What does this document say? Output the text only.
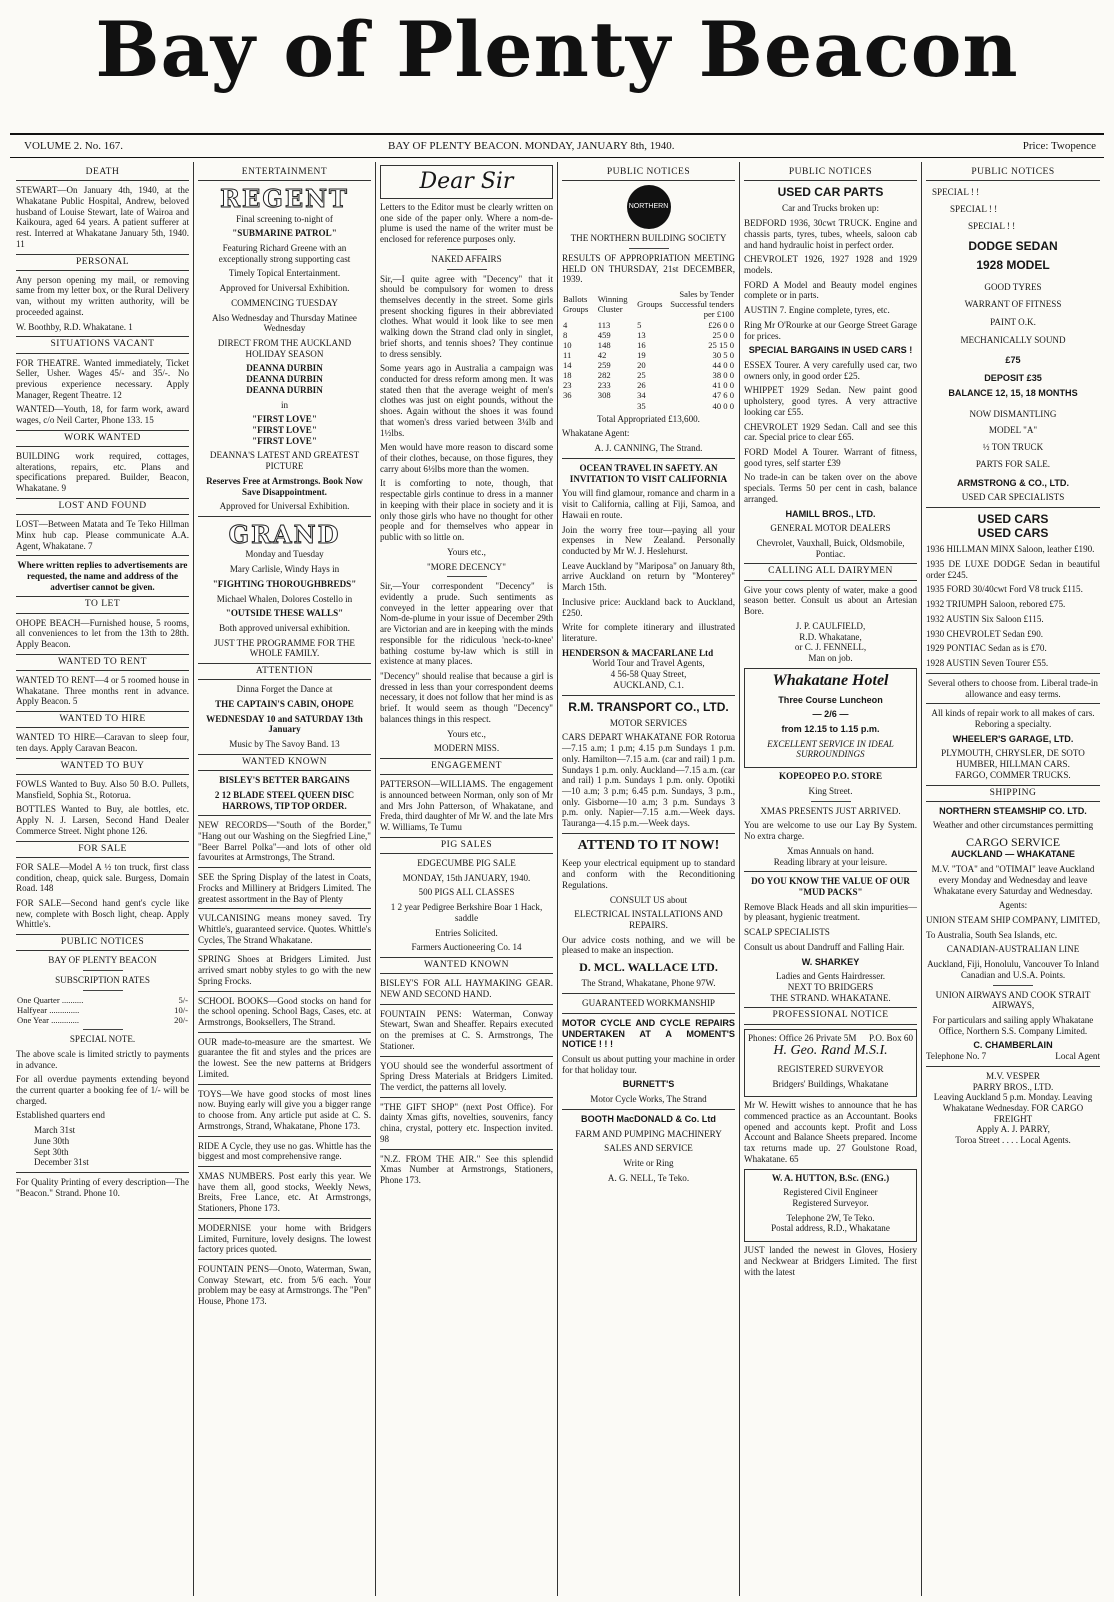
Bay of Plenty Beacon
VOLUME 2. No. 167.	BAY OF PLENTY BEACON. MONDAY, JANUARY 8th, 1940.	Price: Twopence
DEATH

STEWART—On January 4th, 1940, at the Whakatane Public Hospital, Andrew, beloved husband of Louise Stewart, late of Wairoa and Kaikoura, aged 64 years. A patient sufferer at rest. Interred at Whakatane January 5th, 1940. 11

PERSONAL

Any person opening my mail, or removing same from my letter box, or the Rural Delivery van, without my written authority, will be proceeded against.

W. Boothby, R.D. Whakatane. 1

SITUATIONS VACANT

FOR THEATRE. Wanted immediately, Ticket Seller, Usher. Wages 45/- and 35/-. No previous experience necessary. Apply Manager, Regent Theatre. 12

WANTED—Youth, 18, for farm work, award wages, c/o Neil Carter, Phone 133. 15

WORK WANTED

BUILDING work required, cottages, alterations, repairs, etc. Plans and specifications prepared. Builder, Beacon, Whakatane. 9

LOST AND FOUND

LOST—Between Matata and Te Teko Hillman Minx hub cap. Please communicate A.A. Agent, Whakatane. 7

Where written replies to advertisements are requested, the name and address of the advertiser cannot be given.

TO LET

OHOPE BEACH—Furnished house, 5 rooms, all conveniences to let from the 13th to 28th. Apply Beacon.

WANTED TO RENT

WANTED TO RENT—4 or 5 roomed house in Whakatane. Three months rent in advance. Apply Beacon. 5

WANTED TO HIRE

WANTED TO HIRE—Caravan to sleep four, ten days. Apply Caravan Beacon.

WANTED TO BUY

FOWLS Wanted to Buy. Also 50 B.O. Pullets, Mansfield, Sophia St., Rotorua.

BOTTLES Wanted to Buy, ale bottles, etc. Apply N. J. Larsen, Second Hand Dealer Commerce Street. Night phone 126.

FOR SALE

FOR SALE—Model A ½ ton truck, first class condition, cheap, quick sale. Burgess, Domain Road. 148

FOR SALE—Second hand gent's cycle like new, complete with Bosch light, cheap. Apply Whittle's.

PUBLIC NOTICES

BAY OF PLENTY BEACON

SUBSCRIPTION RATES

One Quarter ..........	5/-
Halfyear ..............	10/-
One Year .............	20/-

SPECIAL NOTE.

The above scale is limited strictly to payments in advance.

For all overdue payments extending beyond the current quarter a booking fee of 1/- will be charged.

Established quarters end

March 31st

June 30th

Sept 30th

December 31st

For Quality Printing of every description—The "Beacon." Strand. Phone 10.

ENTERTAINMENT
REGENT

Final screening to-night of

"SUBMARINE PATROL"

Featuring Richard Greene with an exceptionally strong supporting cast

Timely Topical Entertainment.

Approved for Universal Exhibition.

COMMENCING TUESDAY

Also Wednesday and Thursday Matinee Wednesday

DIRECT FROM THE AUCKLAND HOLIDAY SEASON

DEANNA DURBIN

DEANNA DURBIN

DEANNA DURBIN

in

"FIRST LOVE"

"FIRST LOVE"

"FIRST LOVE"

DEANNA'S LATEST AND GREATEST PICTURE

Reserves Free at Armstrongs. Book Now Save Disappointment.

Approved for Universal Exhibition.

GRAND

Monday and Tuesday

Mary Carlisle, Windy Hays in

"FIGHTING THOROUGHBREDS"

Michael Whalen, Dolores Costello in

"OUTSIDE THESE WALLS"

Both approved universal exhibition.

JUST THE PROGRAMME FOR THE WHOLE FAMILY.

ATTENTION

Dinna Forget the Dance at

THE CAPTAIN'S CABIN, OHOPE

WEDNESDAY 10 and SATURDAY 13th January

Music by The Savoy Band. 13

WANTED KNOWN

BISLEY'S BETTER BARGAINS

2 12 BLADE STEEL QUEEN DISC HARROWS, TIP TOP ORDER.

NEW RECORDS—"South of the Border," "Hang out our Washing on the Siegfried Line," "Beer Barrel Polka"—and lots of other old favourites at Armstrongs, The Strand.

SEE the Spring Display of the latest in Coats, Frocks and Millinery at Bridgers Limited. The greatest assortment in the Bay of Plenty

VULCANISING means money saved. Try Whittle's, guaranteed service. Quotes. Whittle's Cycles, The Strand Whakatane.

SPRING Shoes at Bridgers Limited. Just arrived smart nobby styles to go with the new Spring Frocks.

SCHOOL BOOKS—Good stocks on hand for the school opening. School Bags, Cases, etc. at Armstrongs, Booksellers, The Strand.

OUR made-to-measure are the smartest. We guarantee the fit and styles and the prices are the lowest. See the new patterns at Bridgers Limited.

TOYS—We have good stocks of most lines now. Buying early will give you a bigger range to choose from. Any article put aside at C. S. Armstrongs, Strand, Whakatane, Phone 173.

RIDE A Cycle, they use no gas. Whittle has the biggest and most comprehensive range.

XMAS NUMBERS. Post early this year. We have them all, good stocks, Weekly News, Breits, Free Lance, etc. At Armstrongs, Stationers, Phone 173.

MODERNISE your home with Bridgers Limited, Furniture, lovely designs. The lowest factory prices quoted.

FOUNTAIN PENS—Onoto, Waterman, Swan, Conway Stewart, etc. from 5/6 each. Your problem may be easy at Armstrongs. The "Pen" House, Phone 173.

Dear Sir

Letters to the Editor must be clearly written on one side of the paper only. Where a nom-de-plume is used the name of the writer must be enclosed for reference purposes only.

NAKED AFFAIRS

Sir,—I quite agree with "Decency" that it should be compulsory for women to dress themselves decently in the street. Some girls present shocking figures in their abbreviated clothes. What would it look like to see men walking down the Strand clad only in singlet, brief shorts, and tennis shoes? They continue to dress sensibly.

Some years ago in Australia a campaign was conducted for dress reform among men. It was stated then that the average weight of men's clothes was just on eight pounds, without the shoes. Again without the shoes it was found that women's dress varied between 3¼lb and 1½lbs.

Men would have more reason to discard some of their clothes, because, on those figures, they carry about 6½lbs more than the women.

It is comforting to note, though, that respectable girls continue to dress in a manner in keeping with their place in society and it is only those girls who have no thought for other people and for themselves who appear in public with so little on.

Yours etc.,

"MORE DECENCY"

Sir,—Your correspondent "Decency" is evidently a prude. Such sentiments as conveyed in the letter appearing over that Nom-de-plume in your issue of December 29th are Victorian and are in keeping with the minds responsible for the ridiculous 'neck-to-knee' bathing costume by-law which is still in existence at many places.

"Decency" should realise that because a girl is dressed in less than your correspondent deems necessary, it does not follow that her mind is as brief. It would seem as though "Decency" balances things in this respect.

Yours etc.,

MODERN MISS.

ENGAGEMENT

PATTERSON—WILLIAMS. The engagement is announced between Norman, only son of Mr and Mrs John Patterson, of Whakatane, and Freda, third daughter of Mr W. and the late Mrs W. Williams, Te Tumu

PIG SALES

EDGECUMBE PIG SALE

MONDAY, 15th JANUARY, 1940.

500 PIGS ALL CLASSES

1 2 year Pedigree Berkshire Boar 1 Hack, saddle

Entries Solicited.

Farmers Auctioneering Co. 14

WANTED KNOWN

BISLEY'S FOR ALL HAYMAKING GEAR. NEW AND SECOND HAND.

FOUNTAIN PENS: Waterman, Conway Stewart, Swan and Sheaffer. Repairs executed on the premises at C. S. Armstrongs, The Stationer.

YOU should see the wonderful assortment of Spring Dress Materials at Bridgers Limited. The verdict, the patterns all lovely.

"THE GIFT SHOP" (next Post Office). For dainty Xmas gifts, novelties, souvenirs, fancy china, crystal, pottery etc. Inspection invited. 98

"N.Z. FROM THE AIR." See this splendid Xmas Number at Armstrongs, Stationers, Phone 173.

PUBLIC NOTICES
NORTHERN

THE NORTHERN BUILDING SOCIETY

RESULTS OF APPROPRIATION MEETING HELD ON THURSDAY, 21st DECEMBER, 1939.

Ballots Groups	Winning Cluster	Groups	Sales by Tender Successful tenders per £100
4	113	5	£26 0 0
8	459	13	25 0 0
10	148	16	25 15 0
11	42	19	30 5 0
14	259	20	44 0 0
18	282	25	38 0 0
23	233	26	41 0 0
36	308	34	47 6 0
		35	40 0 0

Total Appropriated £13,600.

Whakatane Agent:

A. J. CANNING, The Strand.

OCEAN TRAVEL IN SAFETY. AN INVITATION TO VISIT CALIFORNIA

You will find glamour, romance and charm in a visit to California, calling at Fiji, Samoa, and Hawaii en route.

Join the worry free tour—paying all your expenses in New Zealand. Personally conducted by Mr W. J. Heslehurst.

Leave Auckland by "Mariposa" on January 8th, arrive Auckland on return by "Monterey" March 15th.

Inclusive price: Auckland back to Auckland, £250.

Write for complete itinerary and illustrated literature.

HENDERSON & MACFARLANE Ltd

World Tour and Travel Agents,

4 56-58 Quay Street,

AUCKLAND, C.1.

R.M. TRANSPORT CO., LTD.

MOTOR SERVICES

CARS DEPART WHAKATANE FOR Rotorua—7.15 a.m; 1 p.m; 4.15 p.m Sundays 1 p.m. only. Hamilton—7.15 a.m. (car and rail) 1 p.m. Sundays 1 p.m. only. Auckland—7.15 a.m. (car and rail) 1 p.m. Sundays 1 p.m. only. Opotiki—10 a.m; 3 p.m; 6.45 p.m. Sundays, 3 p.m., only. Gisborne—10 a.m; 3 p.m. Sundays 3 p.m. only. Napier—7.15 a.m.—Week days. Tauranga—4.15 p.m.—Week days.

ATTEND TO IT NOW!

Keep your electrical equipment up to standard and conform with the Reconditioning Regulations.

CONSULT US about

ELECTRICAL INSTALLATIONS AND REPAIRS.

Our advice costs nothing, and we will be pleased to make an inspection.

D. MCL. WALLACE LTD.

The Strand, Whakatane, Phone 97W.

GUARANTEED WORKMANSHIP

MOTOR CYCLE AND CYCLE REPAIRS UNDERTAKEN AT A MOMENT'S NOTICE ! ! !

Consult us about putting your machine in order for that holiday tour.

BURNETT'S

Motor Cycle Works, The Strand

BOOTH MacDONALD & Co. Ltd

FARM AND PUMPING MACHINERY

SALES AND SERVICE

Write or Ring

A. G. NELL, Te Teko.

PUBLIC NOTICES

USED CAR PARTS

Car and Trucks broken up:

BEDFORD 1936, 30cwt TRUCK. Engine and chassis parts, tyres, tubes, wheels, saloon cab and hand hydraulic hoist in perfect order.

CHEVROLET 1926, 1927 1928 and 1929 models.

FORD A Model and Beauty model engines complete or in parts.

AUSTIN 7. Engine complete, tyres, etc.

Ring Mr O'Rourke at our George Street Garage for prices.

SPECIAL BARGAINS IN USED CARS !

ESSEX Tourer. A very carefully used car, two owners only, in good order £25.

WHIPPET 1929 Sedan. New paint good upholstery, good tyres. A very attractive looking car £55.

CHEVROLET 1929 Sedan. Call and see this car. Special price to clear £65.

FORD Model A Tourer. Warrant of fitness, good tyres, self starter £39

No trade-in can be taken over on the above specials. Terms 50 per cent in cash, balance arranged.

HAMILL BROS., LTD.

GENERAL MOTOR DEALERS

Chevrolet, Vauxhall, Buick, Oldsmobile, Pontiac.

CALLING ALL DAIRYMEN

Give your cows plenty of water, make a good season better. Consult us about an Artesian Bore.

J. P. CAULFIELD,

R.D. Whakatane,

or C. J. FENNELL,

Man on job.

Whakatane Hotel

Three Course Luncheon

— 2/6 —

from 12.15 to 1.15 p.m.

EXCELLENT SERVICE IN IDEAL SURROUNDINGS

KOPEOPEO P.O. STORE

King Street.

XMAS PRESENTS JUST ARRIVED.

You are welcome to use our Lay By System. No extra charge.

Xmas Annuals on hand.

Reading library at your leisure.

DO YOU KNOW THE VALUE OF OUR "MUD PACKS"

Remove Black Heads and all skin impurities—by pleasant, hygienic treatment.

SCALP SPECIALISTS

Consult us about Dandruff and Falling Hair.

W. SHARKEY

Ladies and Gents Hairdresser.

NEXT TO BRIDGERS

THE STRAND. WHAKATANE.

PROFESSIONAL NOTICE

Phones: Office 26 Private 5M P.O. Box 60

H. Geo. Rand M.S.I.

REGISTERED SURVEYOR

Bridgers' Buildings, Whakatane

Mr W. Hewitt wishes to announce that he has commenced practice as an Accountant. Books opened and accounts kept. Profit and Loss Account and Balance Sheets prepared. Income tax returns made up. 27 Goulstone Road, Whakatane. 65

W. A. HUTTON, B.Sc. (ENG.)

Registered Civil Engineer

Registered Surveyor.

Telephone 2W, Te Teko.

Postal address, R.D., Whakatane

JUST landed the newest in Gloves, Hosiery and Neckwear at Bridgers Limited. The first with the latest

PUBLIC NOTICES

SPECIAL ! !

SPECIAL ! !

SPECIAL ! !

DODGE SEDAN

1928 MODEL

GOOD TYRES

WARRANT OF FITNESS

PAINT O.K.

MECHANICALLY SOUND

£75

DEPOSIT £35

BALANCE 12, 15, 18 MONTHS

NOW DISMANTLING

MODEL "A"

½ TON TRUCK

PARTS FOR SALE.

ARMSTRONG & CO., LTD.

USED CAR SPECIALISTS

USED CARS

USED CARS

1936 HILLMAN MINX Saloon, leather £190.

1935 DE LUXE DODGE Sedan in beautiful order £245.

1935 FORD 30/40cwt Ford V8 truck £115.

1932 TRIUMPH Saloon, rebored £75.

1932 AUSTIN Six Saloon £115.

1930 CHEVROLET Sedan £90.

1929 PONTIAC Sedan as is £70.

1928 AUSTIN Seven Tourer £55.

Several others to choose from. Liberal trade-in allowance and easy terms.

All kinds of repair work to all makes of cars. Reboring a specialty.

WHEELER'S GARAGE, LTD.

PLYMOUTH, CHRYSLER, DE SOTO HUMBER, HILLMAN CARS.

FARGO, COMMER TRUCKS.

SHIPPING

NORTHERN STEAMSHIP CO. LTD.

Weather and other circumstances permitting

CARGO SERVICE

AUCKLAND — WHAKATANE

M.V. "TOA" and "OTIMAI" leave Auckland every Monday and Wednesday and leave Whakatane every Saturday and Wednesday.

Agents:

UNION STEAM SHIP COMPANY, LIMITED,

To Australia, South Sea Islands, etc.

CANADIAN-AUSTRALIAN LINE

Auckland, Fiji, Honolulu, Vancouver To Inland Canadian and U.S.A. Points.

UNION AIRWAYS AND COOK STRAIT AIRWAYS,

For particulars and sailing apply Whakatane Office, Northern S.S. Company Limited.

C. CHAMBERLAIN

Telephone No. 7	Local Agent

M.V. VESPER

PARRY BROS., LTD.

Leaving Auckland 5 p.m. Monday. Leaving Whakatane Wednesday. FOR CARGO FREIGHT

Apply A. J. PARRY,

Toroa Street . . . . Local Agents.
